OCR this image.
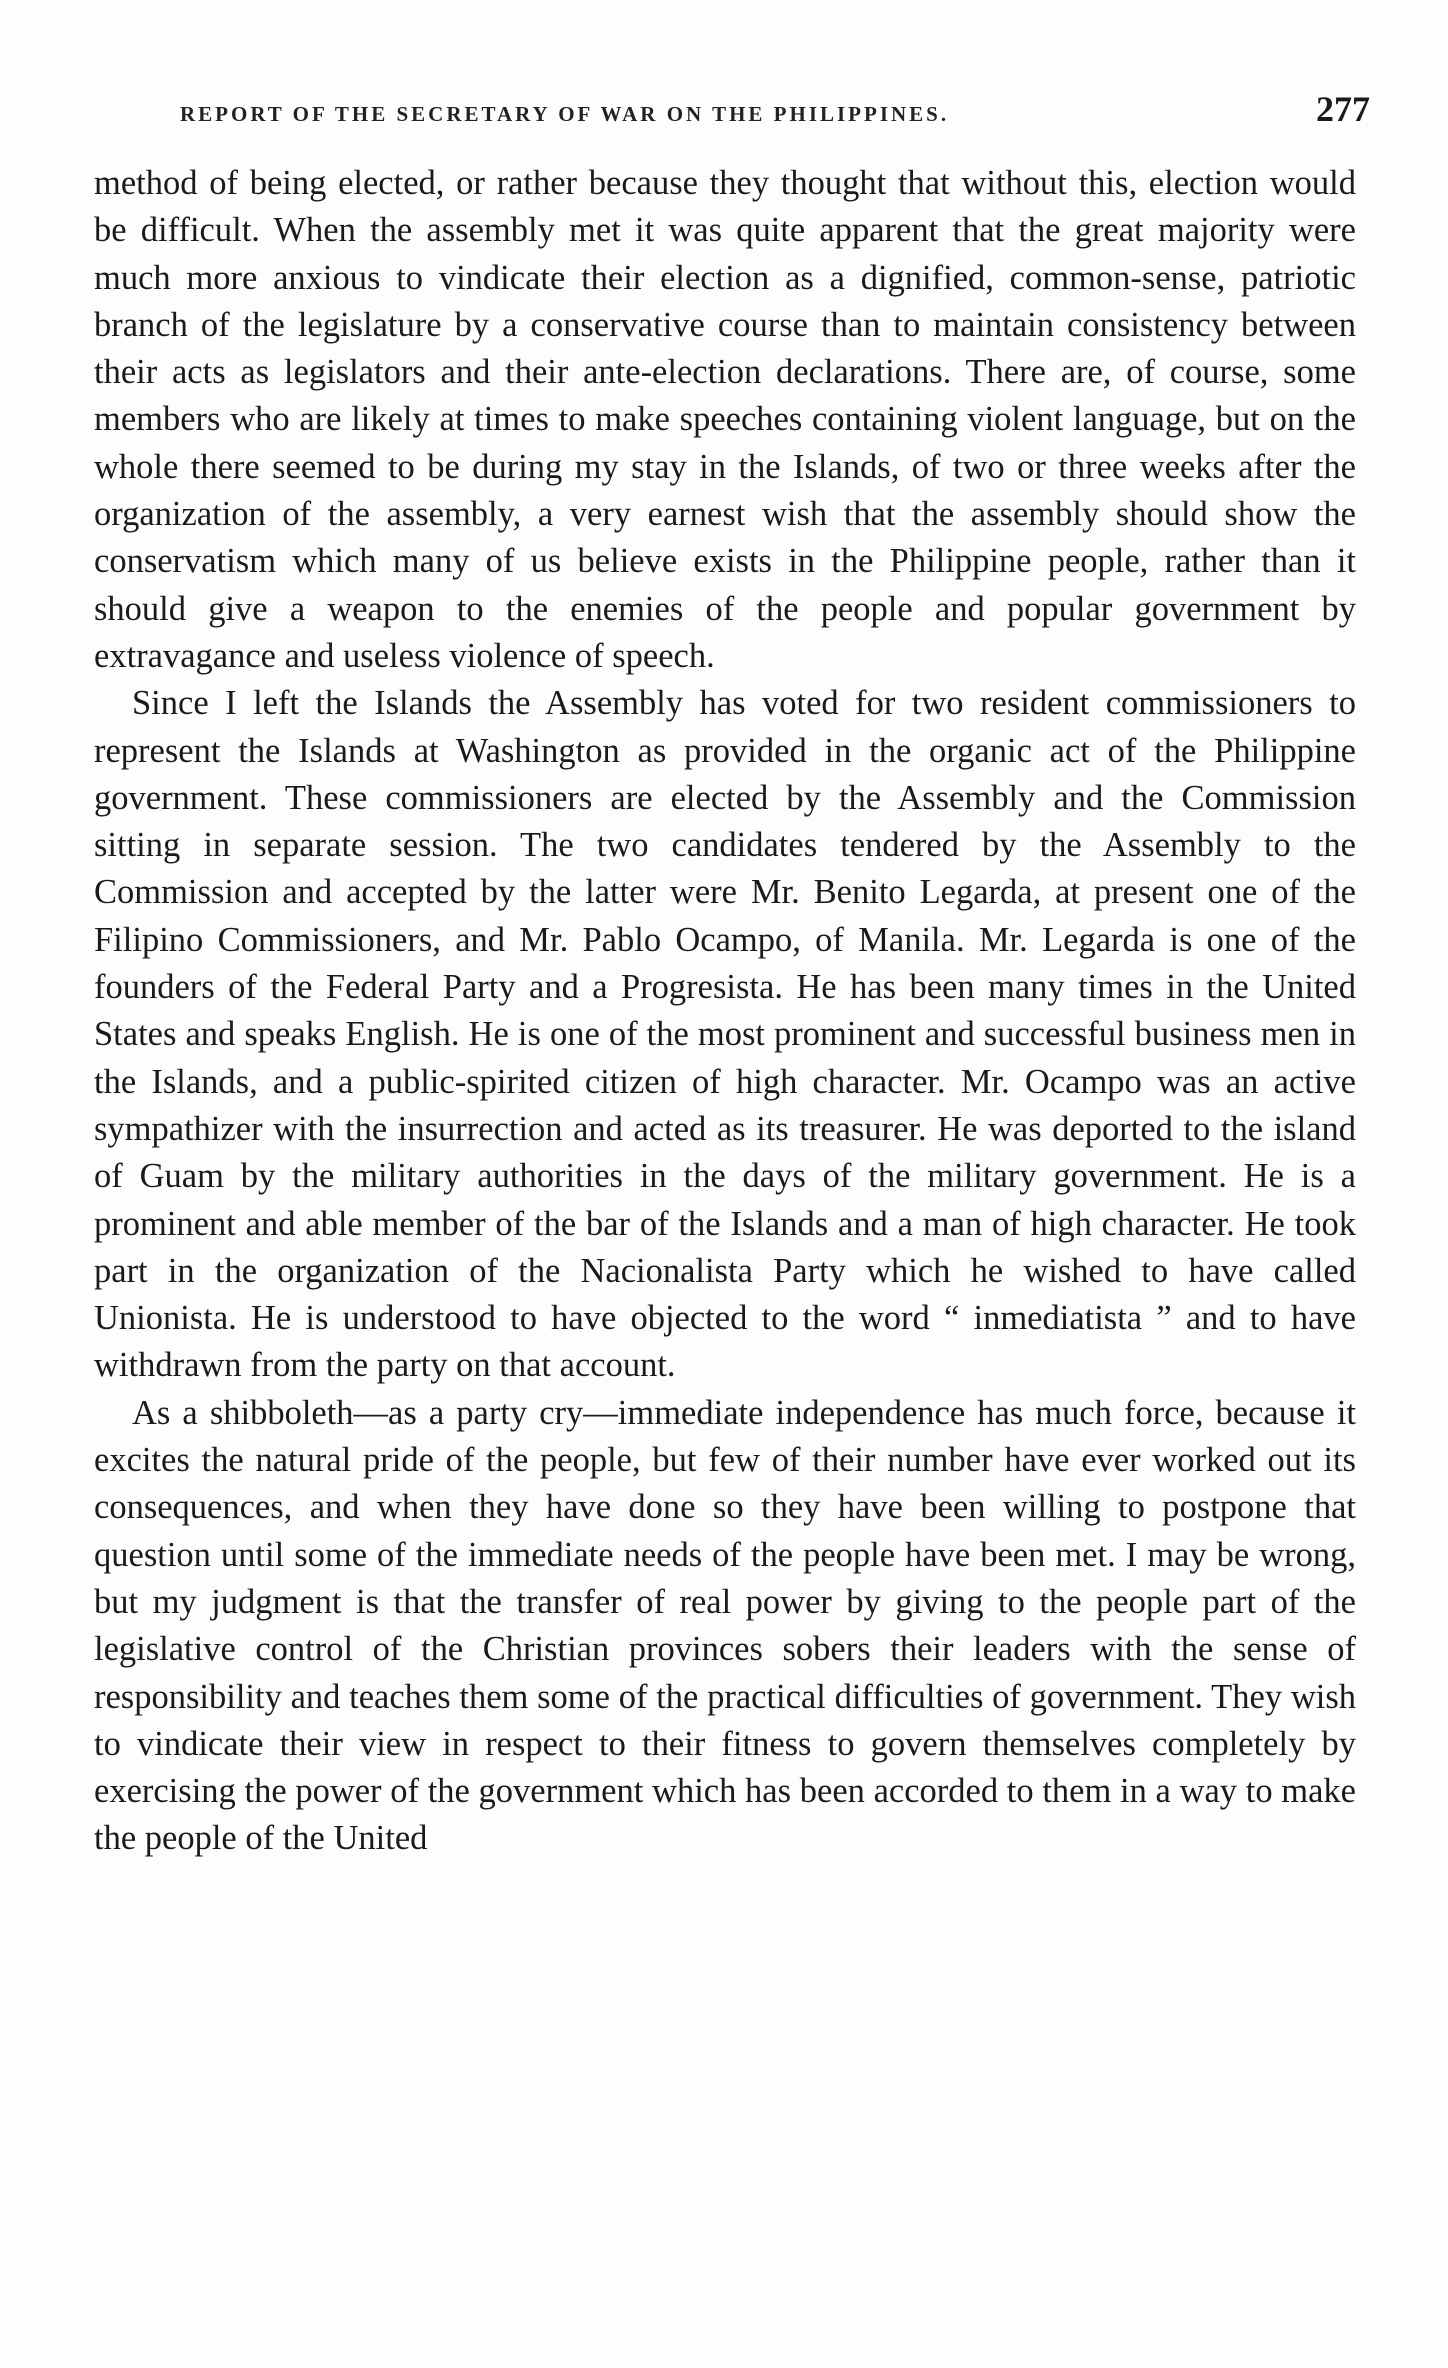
REPORT OF THE SECRETARY OF WAR ON THE PHILIPPINES.	277

method of being elected, or rather because they thought that without this, election would be difficult. When the assembly met it was quite apparent that the great majority were much more anxious to vindicate their election as a dignified, common-sense, patriotic branch of the legislature by a conservative course than to maintain consistency between their acts as legislators and their ante-election declarations. There are, of course, some members who are likely at times to make speeches containing violent language, but on the whole there seemed to be during my stay in the Islands, of two or three weeks after the organization of the assembly, a very earnest wish that the assembly should show the conservatism which many of us believe exists in the Philippine people, rather than it should give a weapon to the enemies of the people and popular government by extravagance and useless violence of speech.

Since I left the Islands the Assembly has voted for two resident commissioners to represent the Islands at Washington as provided in the organic act of the Philippine government. These commissioners are elected by the Assembly and the Commission sitting in separate session. The two candidates tendered by the Assembly to the Commission and accepted by the latter were Mr. Benito Legarda, at present one of the Filipino Commissioners, and Mr. Pablo Ocampo, of Manila. Mr. Legarda is one of the founders of the Federal Party and a Progresista. He has been many times in the United States and speaks English. He is one of the most prominent and successful business men in the Islands, and a public-spirited citizen of high character. Mr. Ocampo was an active sympathizer with the insurrection and acted as its treasurer. He was deported to the island of Guam by the military authorities in the days of the military government. He is a prominent and able member of the bar of the Islands and a man of high character. He took part in the organization of the Nacionalista Party which he wished to have called Unionista. He is understood to have objected to the word “ inmediatista ” and to have withdrawn from the party on that account.

As a shibboleth—as a party cry—immediate independence has much force, because it excites the natural pride of the people, but few of their number have ever worked out its consequences, and when they have done so they have been willing to postpone that question until some of the immediate needs of the people have been met. I may be wrong, but my judgment is that the transfer of real power by giving to the people part of the legislative control of the Christian provinces sobers their leaders with the sense of responsibility and teaches them some of the practical difficulties of government. They wish to vindicate their view in respect to their fitness to govern themselves completely by exercising the power of the government which has been accorded to them in a way to make the people of the United
